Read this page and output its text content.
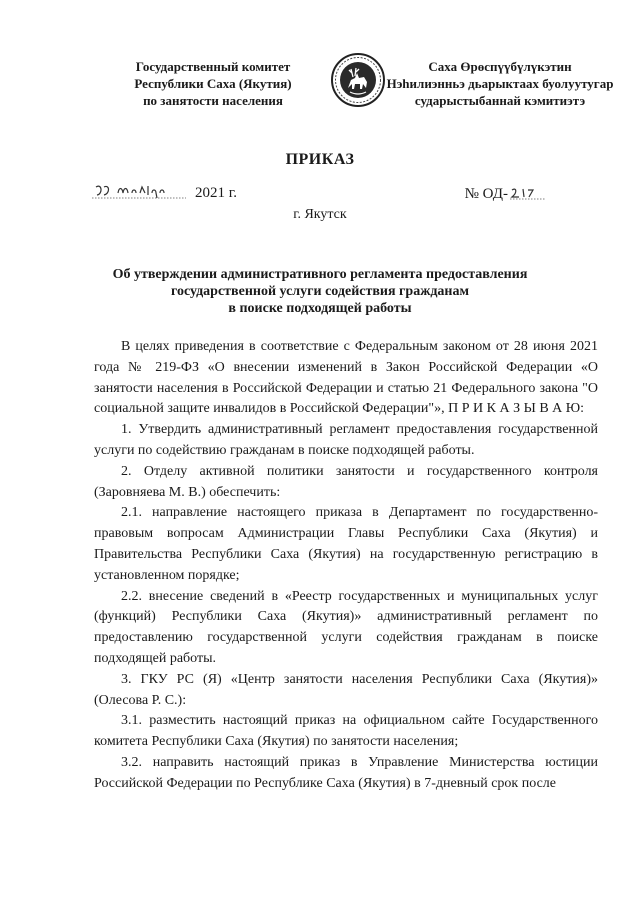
Государственный комитет
Республики Саха (Якутия)
по занятости населения
Саха Өрөспүүбүлүкэтин
Нэһилиэнньэ дьарыктаах буолуутугар
сударыстыбаннай кэмитиэтэ
ПРИКАЗ
2021 г.	№ ОД-
г. Якутск
Об утверждении административного регламента предоставления
государственной услуги содействия гражданам
в поиске подходящей работы

В целях приведения в соответствие с Федеральным законом от 28 июня 2021 года № 219-ФЗ «О внесении изменений в Закон Российской Федерации «О занятости населения в Российской Федерации и статью 21 Федерального закона "О социальной защите инвалидов в Российской Федерации"», П Р И К А З Ы В А Ю:

1. Утвердить административный регламент предоставления государственной услуги по содействию гражданам в поиске подходящей работы.

2. Отделу активной политики занятости и государственного контроля (Заровняева М. В.) обеспечить:

2.1. направление настоящего приказа в Департамент по государственно-правовым вопросам Администрации Главы Республики Саха (Якутия) и Правительства Республики Саха (Якутия) на государственную регистрацию в установленном порядке;

2.2. внесение сведений в «Реестр государственных и муниципальных услуг (функций) Республики Саха (Якутия)» административный регламент по предоставлению государственной услуги содействия гражданам в поиске подходящей работы.

3. ГКУ РС (Я) «Центр занятости населения Республики Саха (Якутия)» (Олесова Р. С.):

3.1. разместить настоящий приказ на официальном сайте Государственного комитета Республики Саха (Якутия) по занятости населения;

3.2. направить настоящий приказ в Управление Министерства юстиции Российской Федерации по Республике Саха (Якутия) в 7-дневный срок после
